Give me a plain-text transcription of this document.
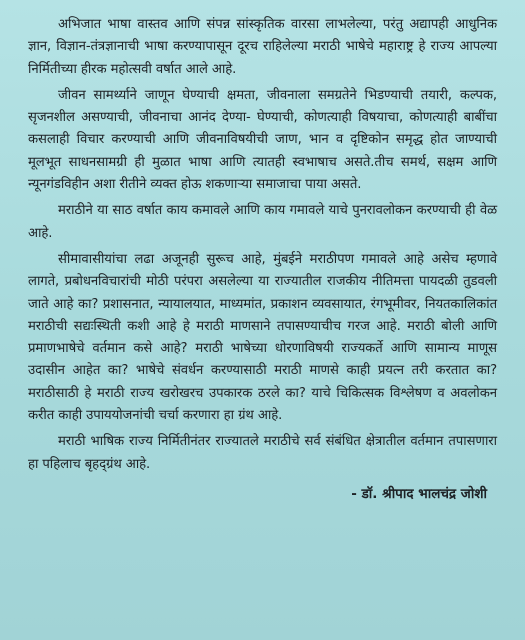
अभिजात भाषा वास्तव आणि संपन्न सांस्कृतिक वारसा लाभलेल्या, परंतु अद्यापही आधुनिक ज्ञान, विज्ञान-तंत्रज्ञानाची भाषा करण्यापासून दूरच राहिलेल्या मराठी भाषेचे महाराष्ट्र हे राज्य आपल्या निर्मितीच्या हीरक महोत्सवी वर्षात आले आहे.

जीवन सामर्थ्याने जाणून घेण्याची क्षमता, जीवनाला समग्रतेने भिडण्याची तयारी, कल्पक, सृजनशील असण्याची, जीवनाचा आनंद देण्या- घेण्याची, कोणत्याही विषयाचा, कोणत्याही बाबींचा कसलाही विचार करण्याची आणि जीवनाविषयीची जाण, भान व दृष्टिकोन समृद्ध होत जाण्याची मूलभूत साधनसामग्री ही मुळात भाषा आणि त्यातही स्वभाषाच असते.तीच समर्थ, सक्षम आणि न्यूनगंडविहीन अशा रीतीने व्यक्त होऊ शकणाऱ्या समाजाचा पाया असते.

मराठीने या साठ वर्षात काय कमावले आणि काय गमावले याचे पुनरावलोकन करण्याची ही वेळ आहे.

सीमावासीयांचा लढा अजूनही सुरूच आहे, मुंबईने मराठीपण गमावले आहे असेच म्हणावे लागते, प्रबोधनविचारांची मोठी परंपरा असलेल्या या राज्यातील राजकीय नीतिमत्ता पायदळी तुडवली जाते आहे का? प्रशासनात, न्यायालयात, माध्यमांत, प्रकाशन व्यवसायात, रंगभूमीवर, नियतकालिकांत मराठीची सद्यःस्थिती कशी आहे हे मराठी माणसाने तपासण्याचीच गरज आहे. मराठी बोली आणि प्रमाणभाषेचे वर्तमान कसे आहे? मराठी भाषेच्या धोरणाविषयी राज्यकर्ते आणि सामान्य माणूस उदासीन आहेत का? भाषेचे संवर्धन करण्यासाठी मराठी माणसे काही प्रयत्न तरी करतात का? मराठीसाठी हे मराठी राज्य खरोखरच उपकारक ठरले का? याचे चिकित्सक विश्लेषण व अवलोकन करीत काही उपाययोजनांची चर्चा करणारा हा ग्रंथ आहे.

मराठी भाषिक राज्य निर्मितीनंतर राज्यातले मराठीचे सर्व संबंधित क्षेत्रातील वर्तमान तपासणारा हा पहिलाच बृहद्ग्रंथ आहे.

- डॉ. श्रीपाद भालचंद्र जोशी
